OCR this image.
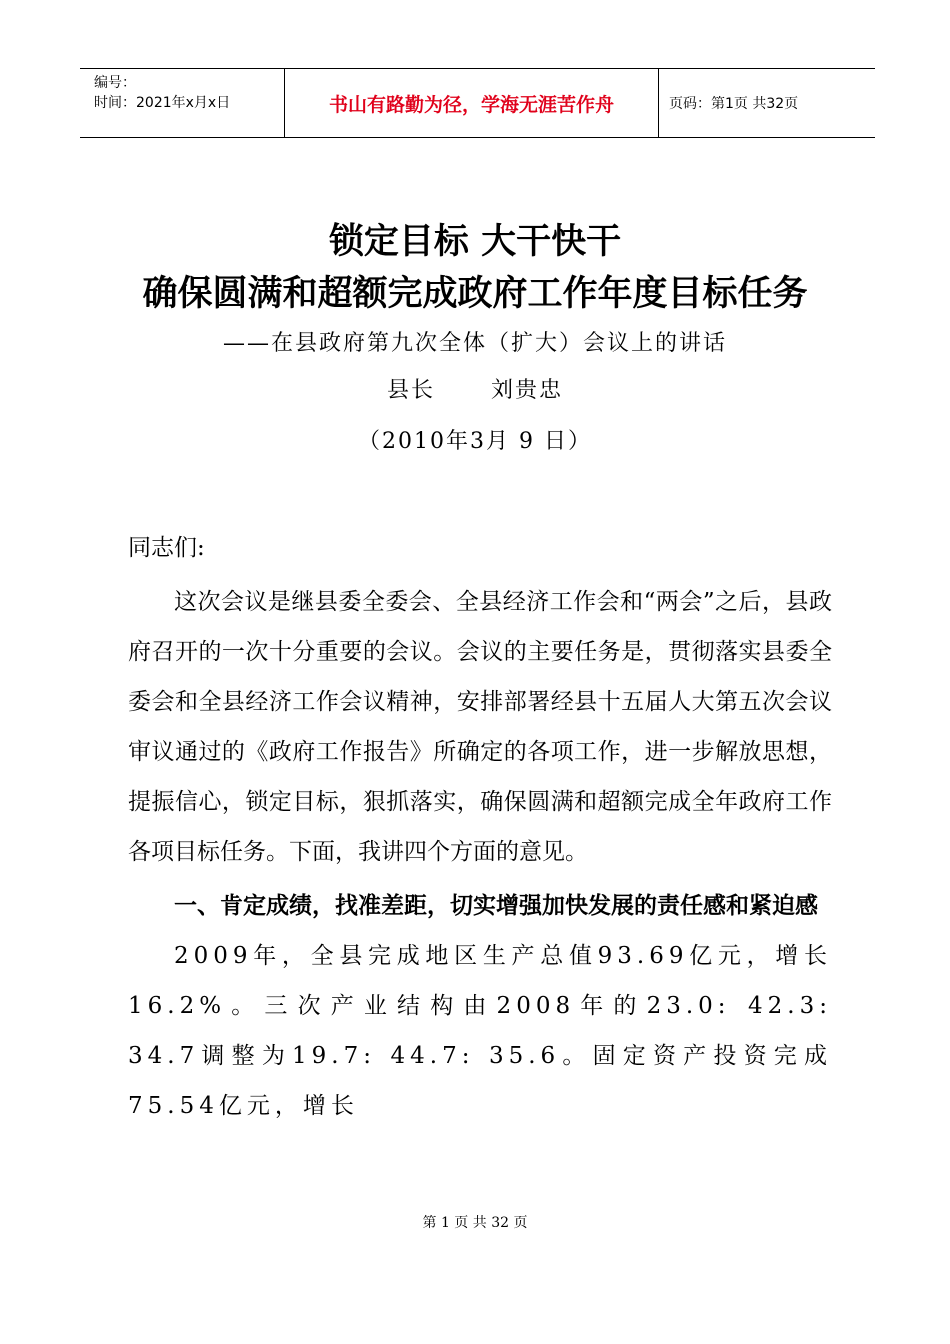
编号：
时间：2021年x月x日	书山有路勤为径，学海无涯苦作舟	页码：第1页 共32页
锁定目标 大干快干
确保圆满和超额完成政府工作年度目标任务
——在县政府第九次全体（扩大）会议上的讲话
县长	刘贵忠
（2010年3月 9 日）

同志们:

这次会议是继县委全委会、全县经济工作会和“两会”之后，县政府召开的一次十分重要的会议。会议的主要任务是，贯彻落实县委全委会和全县经济工作会议精神，安排部署经县十五届人大第五次会议审议通过的《政府工作报告》所确定的各项工作，进一步解放思想，提振信心，锁定目标，狠抓落实，确保圆满和超额完成全年政府工作各项目标任务。下面，我讲四个方面的意见。

一、肯定成绩，找准差距，切实增强加快发展的责任感和紧迫感

2009年，全县完成地区生产总值93.69亿元，增长16.2%。三次产业结构由2008年的23.0: 42.3: 34.7调整为19.7: 44.7: 35.6。固定资产投资完成75.54亿元，增长

第 1 页 共 32 页
